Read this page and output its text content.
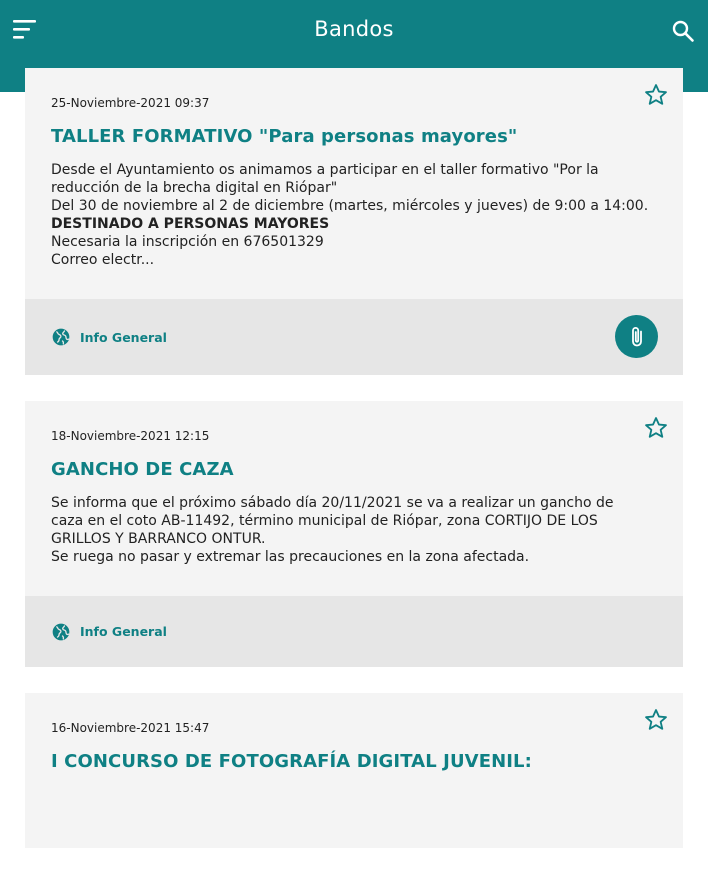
Bandos
25-Noviembre-2021 09:37
TALLER FORMATIVO "Para personas mayores"

Desde el Ayuntamiento os animamos a participar en el taller formativo "Por la

reducción de la brecha digital en Riópar"

Del 30 de noviembre al 2 de diciembre (martes, miércoles y jueves) de 9:00 a 14:00.

DESTINADO A PERSONAS MAYORES

Necesaria la inscripción en 676501329

Correo electr...

Info General
18-Noviembre-2021 12:15
GANCHO DE CAZA

Se informa que el próximo sábado día 20/11/2021 se va a realizar un gancho de

caza en el coto AB-11492, término municipal de Riópar, zona CORTIJO DE LOS

GRILLOS Y BARRANCO ONTUR.

Se ruega no pasar y extremar las precauciones en la zona afectada.

Info General
16-Noviembre-2021 15:47
I CONCURSO DE FOTOGRAFÍA DIGITAL JUVENIL:
